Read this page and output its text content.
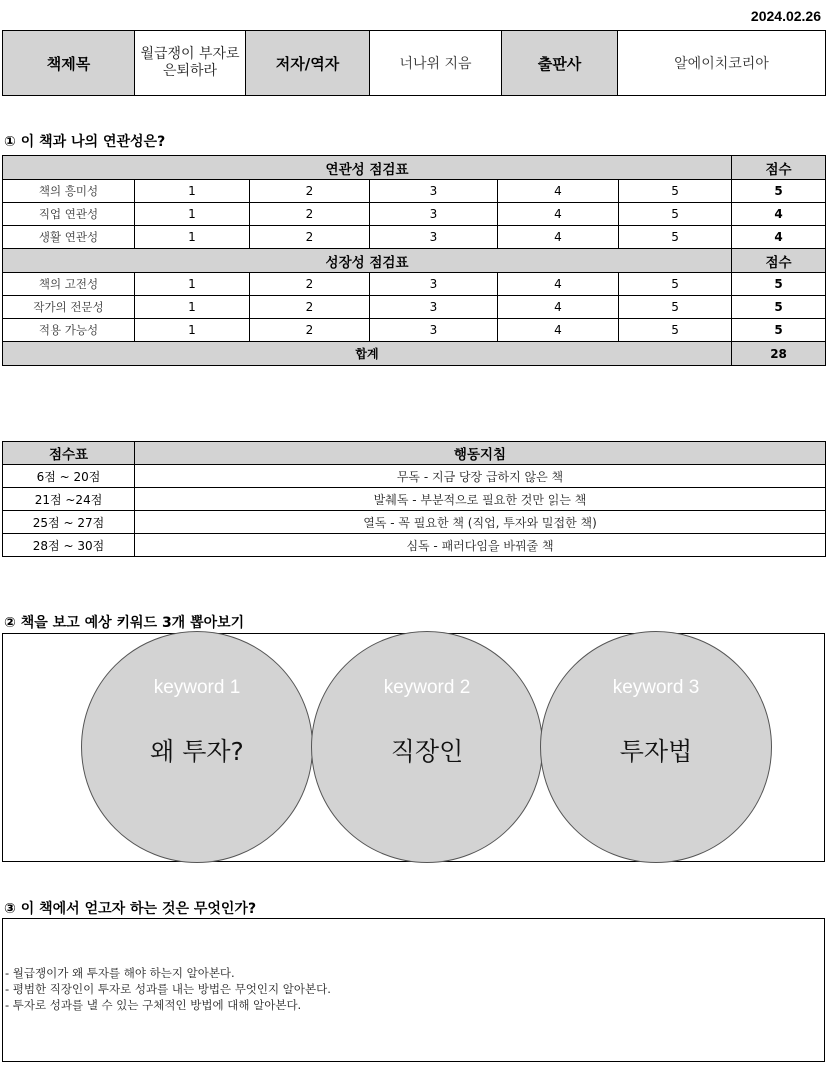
2024.02.26
책제목	월급쟁이 부자로 은퇴하라	저자/역자	너나위 지음	출판사	알에이치코리아
① 이 책과 나의 연관성은?
연관성 점검표						점수
책의 흥미성	1	2	3	4	5	5
직업 연관성	1	2	3	4	5	4
생활 연관성	1	2	3	4	5	4
성장성 점검표						점수
책의 고전성	1	2	3	4	5	5
작가의 전문성	1	2	3	4	5	5
적용 가능성	1	2	3	4	5	5
합계						28
점수표	행동지침
6점 ~ 20점	무독 - 지금 당장 급하지 않은 책
21점 ~24점	발췌독 - 부분적으로 필요한 것만 읽는 책
25점 ~ 27점	열독 - 꼭 필요한 책 (직업, 투자와 밀접한 책)
28점 ~ 30점	심독 - 패러다임을 바꿔줄 책
② 책을 보고 예상 키워드 3개 뽑아보기
keyword 1
왜 투자?
keyword 2
직장인
keyword 3
투자법
③ 이 책에서 얻고자 하는 것은 무엇인가?
- 월급쟁이가 왜 투자를 해야 하는지 알아본다.
- 평범한 직장인이 투자로 성과를 내는 방법은 무엇인지 알아본다.
- 투자로 성과를 낼 수 있는 구체적인 방법에 대해 알아본다.
